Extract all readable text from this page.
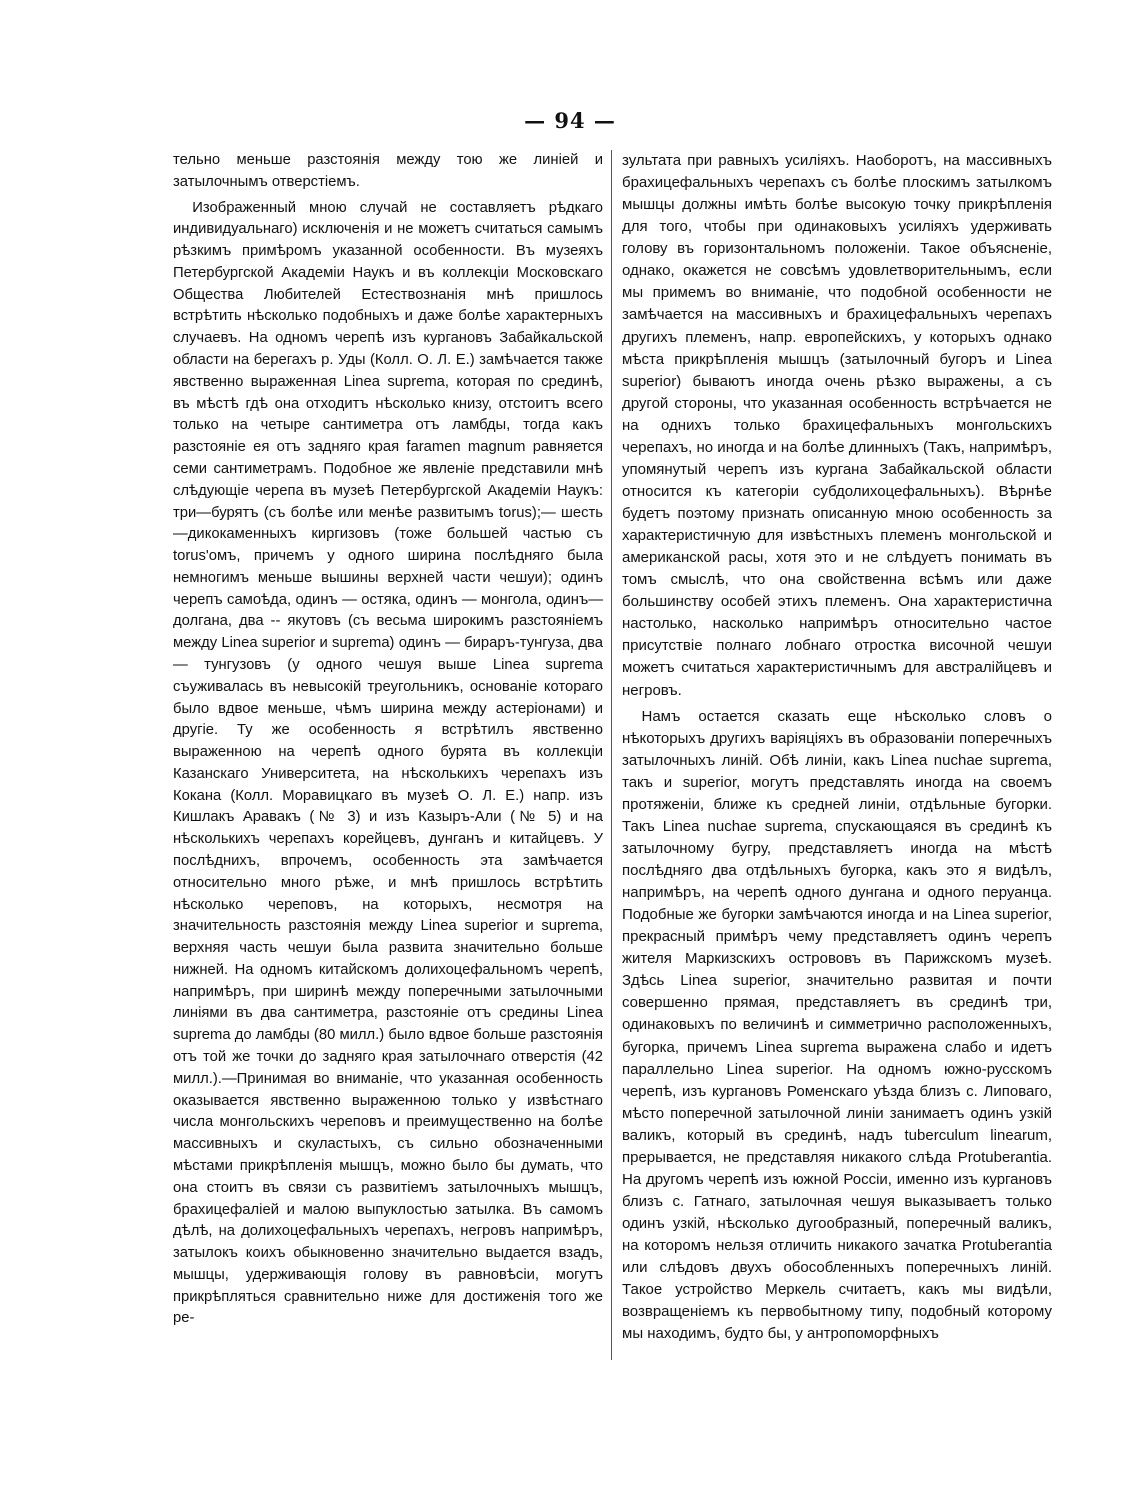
— 94 —

тельно меньше разстоянія между тою же линіей и затылочнымъ отверстіемъ.

Изображенный мною случай не составляетъ рѣдкаго индивидуальнаго) исключенія и не можетъ считаться самымъ рѣзкимъ примѣромъ указанной особенности. Въ музеяхъ Петербургской Академіи Наукъ и въ коллекціи Московскаго Общества Любителей Естествознанія мнѣ пришлось встрѣтить нѣсколько подобныхъ и даже болѣе характерныхъ случаевъ. На одномъ черепѣ изъ кургановъ Забайкальской области на берегахъ р. Уды (Колл. О. Л. Е.) замѣчается также явственно выраженная Linea suprema, которая по срединѣ, въ мѣстѣ гдѣ она отходитъ нѣсколько книзу, отстоитъ всего только на четыре сантиметра отъ ламбды, тогда какъ разстояніе ея отъ задняго края faramen magnum равняется семи сантиметрамъ. Подобное же явленіе представили мнѣ слѣдующіе черепа въ музеѣ Петербургской Академіи Наукъ: три—бурятъ (съ болѣе или менѣе развитымъ torus);— шесть—дикокаменныхъ киргизовъ (тоже большей частью съ torus'омъ, причемъ у одного ширина послѣдняго была немногимъ меньше вышины верхней части чешуи); одинъ черепъ самоѣда, одинъ — остяка, одинъ — монгола, одинъ—долгана, два -- якутовъ (съ весьма широкимъ разстояніемъ между Linea superior и suprema) одинъ — бираръ-тунгуза, два — тунгузовъ (у одного чешуя выше Linea suprema съуживалась въ невысокій треугольникъ, основаніе котораго было вдвое меньше, чѣмъ ширина между астеріонами) и другіе. Ту же особенность я встрѣтилъ явственно выраженною на черепѣ одного бурята въ коллекціи Казанскаго Университета, на нѣсколькихъ черепахъ изъ Кокана (Колл. Моравицкаго въ музеѣ О. Л. Е.) напр. изъ Кишлакъ Аравакъ (№ 3) и изъ Казыръ-Али (№ 5) и на нѣсколькихъ черепахъ корейцевъ, дунганъ и китайцевъ. У послѣднихъ, впрочемъ, особенность эта замѣчается относительно много рѣже, и мнѣ пришлось встрѣтить нѣсколько череповъ, на которыхъ, несмотря на значительность разстоянія между Linea superior и suprema, верхняя часть чешуи была развита значительно больше нижней. На одномъ китайскомъ долихоцефальномъ черепѣ, напримѣръ, при ширинѣ между поперечными затылочными линіями въ два сантиметра, разстояніе отъ средины Linea suprema до ламбды (80 милл.) было вдвое больше разстоянія отъ той же точки до задняго края затылочнаго отверстія (42 милл.).—Принимая во вниманіе, что указанная особенность оказывается явственно выраженною только у извѣстнаго числа монгольскихъ череповъ и преимущественно на болѣе массивныхъ и скуластыхъ, съ сильно обозначенными мѣстами прикрѣпленія мышцъ, можно было бы думать, что она стоитъ въ связи съ развитіемъ затылочныхъ мышцъ, брахицефаліей и малою выпуклостью затылка. Въ самомъ дѣлѣ, на долихоцефальныхъ черепахъ, негровъ напримѣръ, затылокъ коихъ обыкновенно значительно выдается взадъ, мышцы, удерживающія голову въ равновѣсіи, могутъ прикрѣпляться сравнительно ниже для достиженія того же ре-

зультата при равныхъ усиліяхъ. Наоборотъ, на массивныхъ брахицефальныхъ черепахъ съ болѣе плоскимъ затылкомъ мышцы должны имѣть болѣе высокую точку прикрѣпленія для того, чтобы при одинаковыхъ усиліяхъ удерживать голову въ горизонтальномъ положеніи. Такое объясненіе, однако, окажется не совсѣмъ удовлетворительнымъ, если мы примемъ во вниманіе, что подобной особенности не замѣчается на массивныхъ и брахицефальныхъ черепахъ другихъ племенъ, напр. европейскихъ, у которыхъ однако мѣста прикрѣпленія мышцъ (затылочный бугоръ и Linea superior) бываютъ иногда очень рѣзко выражены, а съ другой стороны, что указанная особенность встрѣчается не на однихъ только брахицефальныхъ монгольскихъ черепахъ, но иногда и на болѣе длинныхъ (Такъ, напримѣръ, упомянутый черепъ изъ кургана Забайкальской области относится къ категоріи субдолихоцефальныхъ). Вѣрнѣе будетъ поэтому признать описанную мною особенность за характеристичную для извѣстныхъ племенъ монгольской и американской расы, хотя это и не слѣдуетъ понимать въ томъ смыслѣ, что она свойственна всѣмъ или даже большинству особей этихъ племенъ. Она характеристична настолько, насколько напримѣръ относительно частое присутствіе полнаго лобнаго отростка височной чешуи можетъ считаться характеристичнымъ для австралійцевъ и негровъ.

Намъ остается сказать еще нѣсколько словъ о нѣкоторыхъ другихъ варіяціяхъ въ образованіи поперечныхъ затылочныхъ линій. Обѣ линіи, какъ Linea nuchae suprema, такъ и superior, могутъ представлять иногда на своемъ протяженіи, ближе къ средней линіи, отдѣльные бугорки. Такъ Linea nuchae suprema, спускающаяся въ срединѣ къ затылочному бугру, представляетъ иногда на мѣстѣ послѣдняго два отдѣльныхъ бугорка, какъ это я видѣлъ, напримѣръ, на черепѣ одного дунгана и одного перуанца. Подобные же бугорки замѣчаются иногда и на Linea superior, прекрасный примѣръ чему представляетъ одинъ черепъ жителя Маркизскихъ острововъ въ Парижскомъ музеѣ. Здѣсь Linea superior, значительно развитая и почти совершенно прямая, представляетъ въ срединѣ три, одинаковыхъ по величинѣ и симметрично расположенныхъ, бугорка, причемъ Linea suprema выражена слабо и идетъ параллельно Linea superior. На одномъ южно-русскомъ черепѣ, изъ кургановъ Роменскаго уѣзда близъ с. Липоваго, мѣсто поперечной затылочной линіи занимаетъ одинъ узкій валикъ, который въ срединѣ, надъ tuberculum linearum, прерывается, не представляя никакого слѣда Protuberantia. На другомъ черепѣ изъ южной Россіи, именно изъ кургановъ близъ с. Гатнаго, затылочная чешуя выказываетъ только одинъ узкій, нѣсколько дугообразный, поперечный валикъ, на которомъ нельзя отличить никакого зачатка Protuberantia или слѣдовъ двухъ обособленныхъ поперечныхъ линій. Такое устройство Меркель считаетъ, какъ мы видѣли, возвращеніемъ къ первобытному типу, подобный которому мы находимъ, будто бы, у антропоморфныхъ
